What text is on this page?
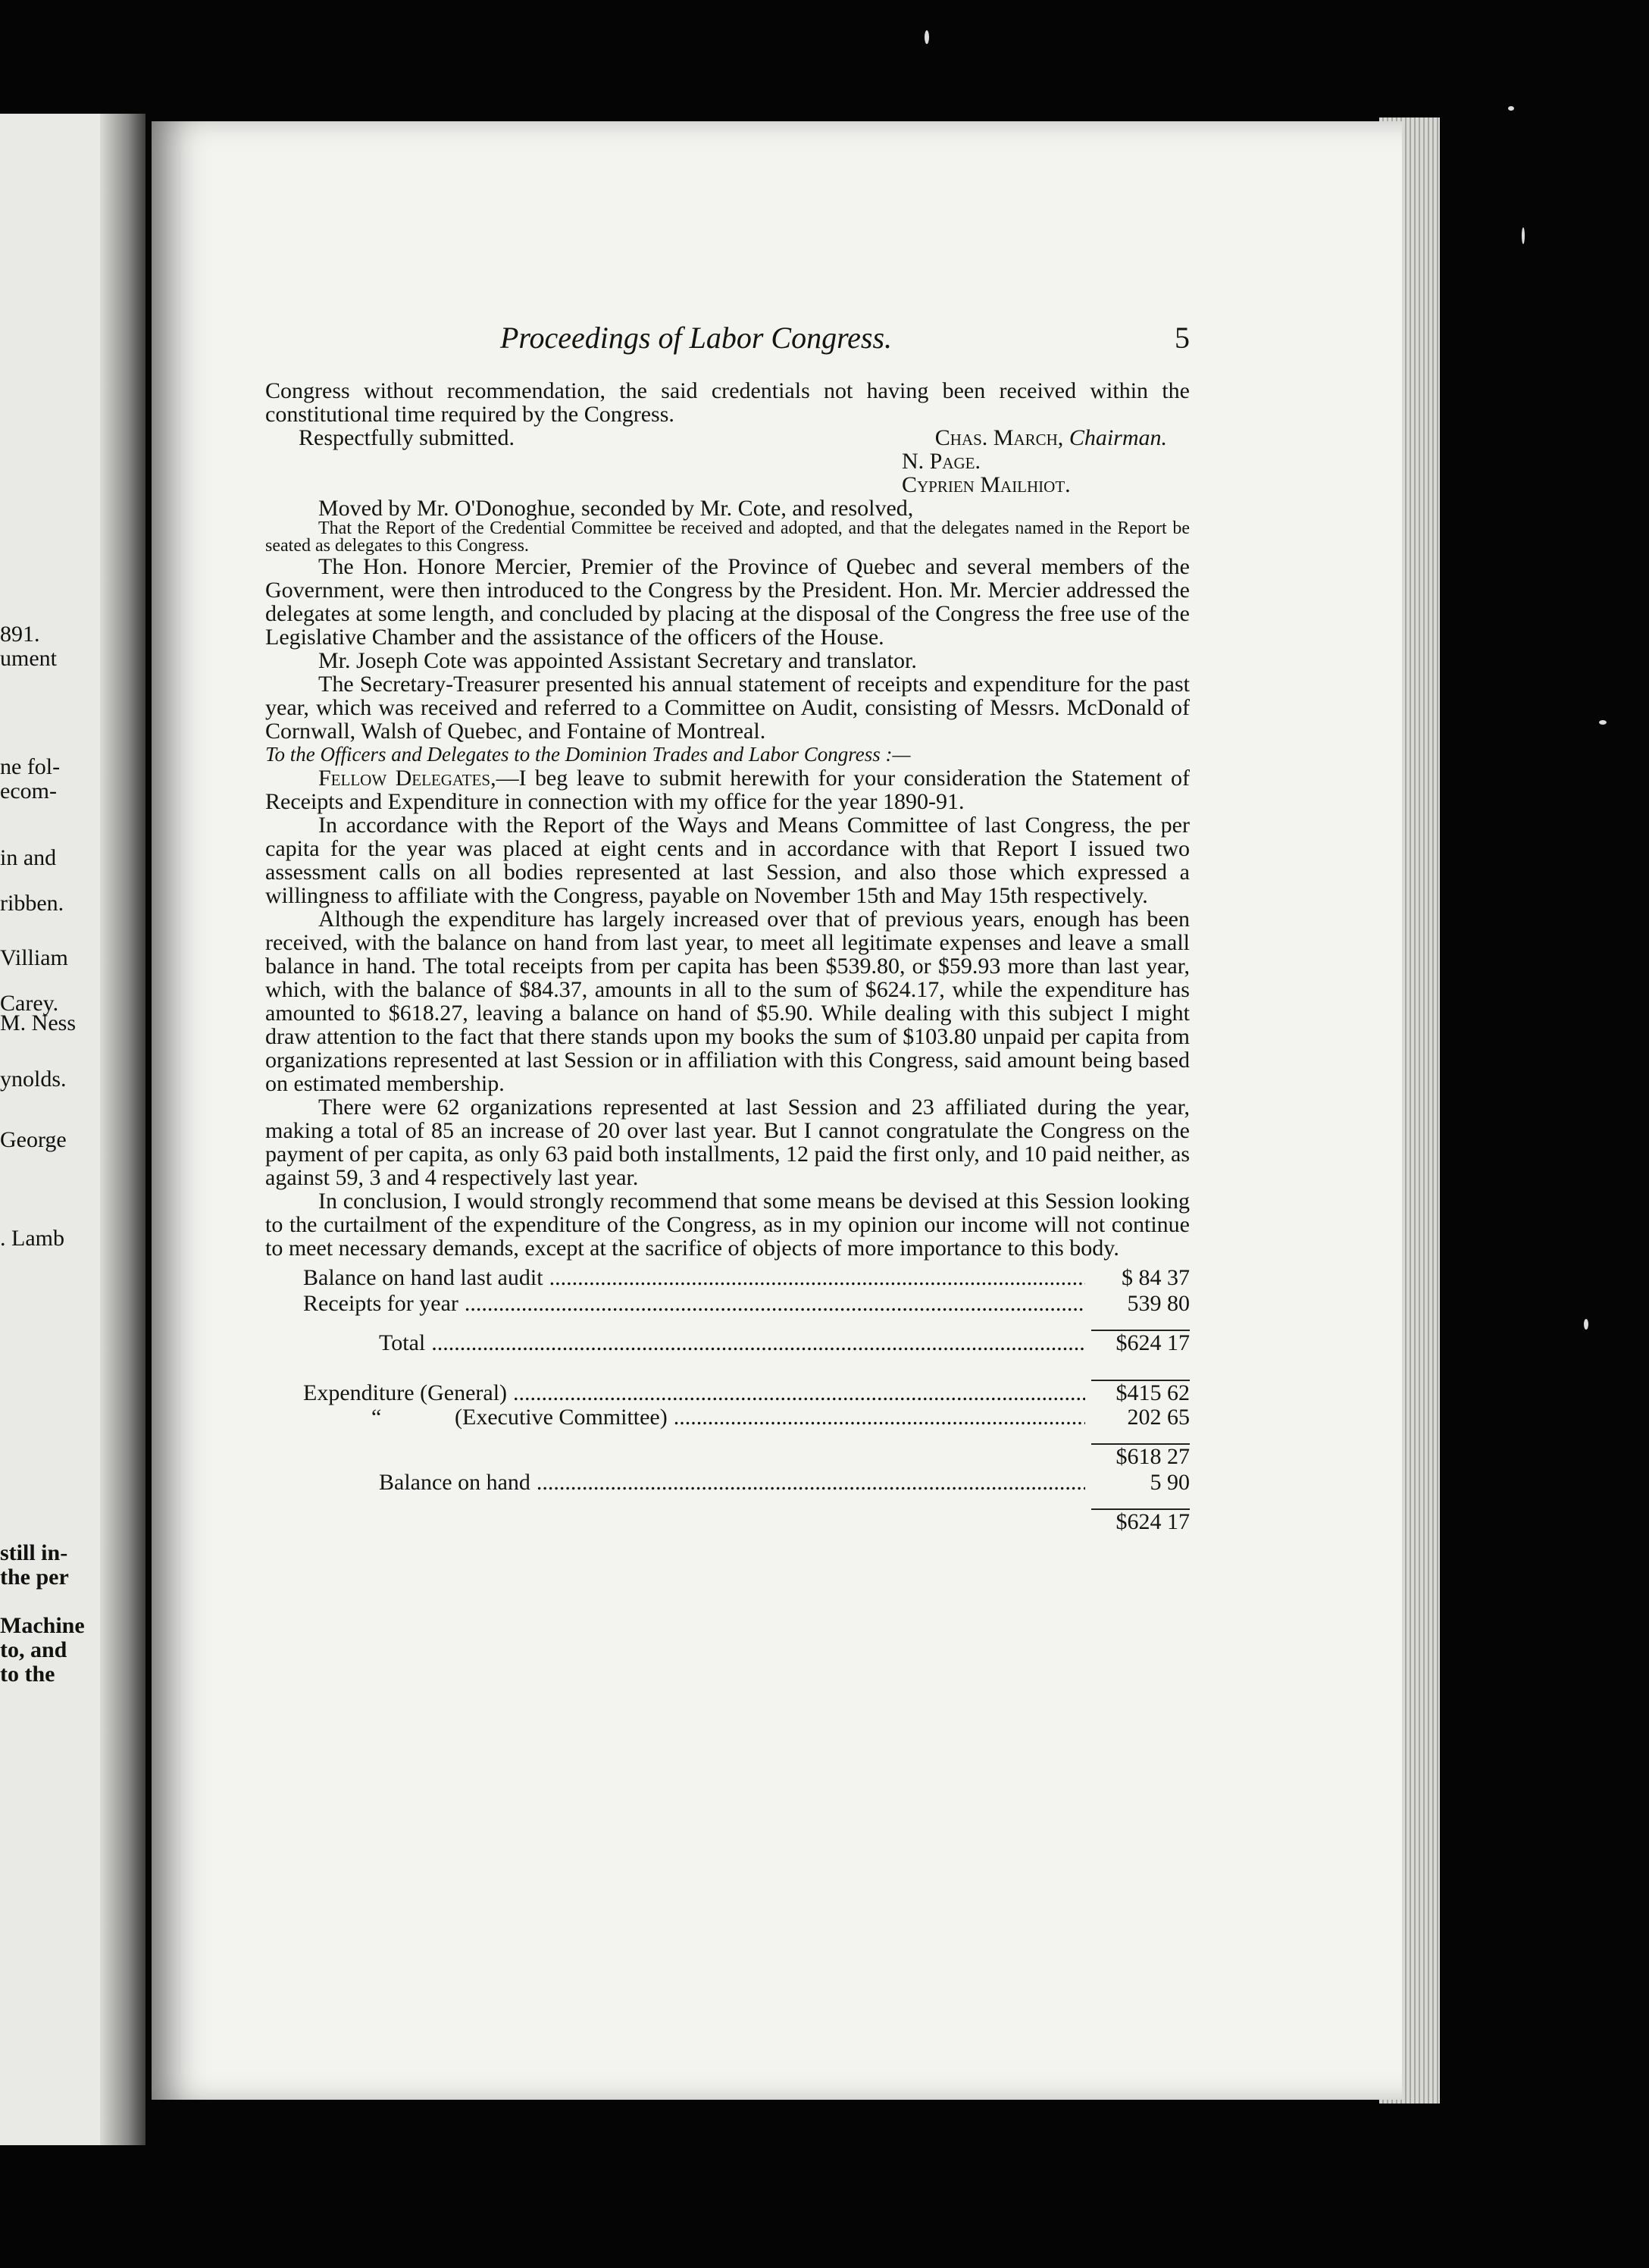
891.
ument
ne fol-
ecom-
in and
ribben.
Villiam
Carey.
M. Ness
ynolds.
George
. Lamb
still in-
the per
Machine
to, and
to the
Proceedings of Labor Congress.	5

Congress without recommendation, the said credentials not having been received within the constitutional time required by the Congress.

Respectfully submitted.	Chas. March, Chairman.
N. Page.
Cyprien Mailhiot.

Moved by Mr. O'Donoghue, seconded by Mr. Cote, and resolved,

That the Report of the Credential Committee be received and adopted, and that the delegates named in the Report be seated as delegates to this Congress.

The Hon. Honore Mercier, Premier of the Province of Quebec and several members of the Government, were then introduced to the Congress by the President. Hon. Mr. Mercier addressed the delegates at some length, and concluded by placing at the disposal of the Congress the free use of the Legislative Chamber and the assistance of the officers of the House.

Mr. Joseph Cote was appointed Assistant Secretary and translator.

The Secretary-Treasurer presented his annual statement of receipts and expenditure for the past year, which was received and referred to a Committee on Audit, consisting of Messrs. McDonald of Cornwall, Walsh of Quebec, and Fontaine of Montreal.

To the Officers and Delegates to the Dominion Trades and Labor Congress :—

Fellow Delegates,—I beg leave to submit herewith for your consideration the Statement of Receipts and Expenditure in connection with my office for the year 1890-91.

In accordance with the Report of the Ways and Means Committee of last Congress, the per capita for the year was placed at eight cents and in accordance with that Report I issued two assessment calls on all bodies represented at last Session, and also those which expressed a willingness to affiliate with the Congress, payable on November 15th and May 15th respectively.

Although the expenditure has largely increased over that of previous years, enough has been received, with the balance on hand from last year, to meet all legitimate expenses and leave a small balance in hand. The total receipts from per capita has been $539.80, or $59.93 more than last year, which, with the balance of $84.37, amounts in all to the sum of $624.17, while the expenditure has amounted to $618.27, leaving a balance on hand of $5.90. While dealing with this subject I might draw attention to the fact that there stands upon my books the sum of $103.80 unpaid per capita from organizations represented at last Session or in affiliation with this Congress, said amount being based on estimated membership.

There were 62 organizations represented at last Session and 23 affiliated during the year, making a total of 85 an increase of 20 over last year. But I cannot congratulate the Congress on the payment of per capita, as only 63 paid both installments, 12 paid the first only, and 10 paid neither, as against 59, 3 and 4 respectively last year.

In conclusion, I would strongly recommend that some means be devised at this Session looking to the curtailment of the expenditure of the Congress, as in my opinion our income will not continue to meet necessary demands, except at the sacrifice of objects of more importance to this body.

Balance on hand last audit .....	$ 84 37
Receipts for year .....	539 80
Total .....	$624 17
Expenditure (General) .....	$415 62
“	(Executive Committee) .....	202 65
$618 27
Balance on hand .....	5 90
$624 17
